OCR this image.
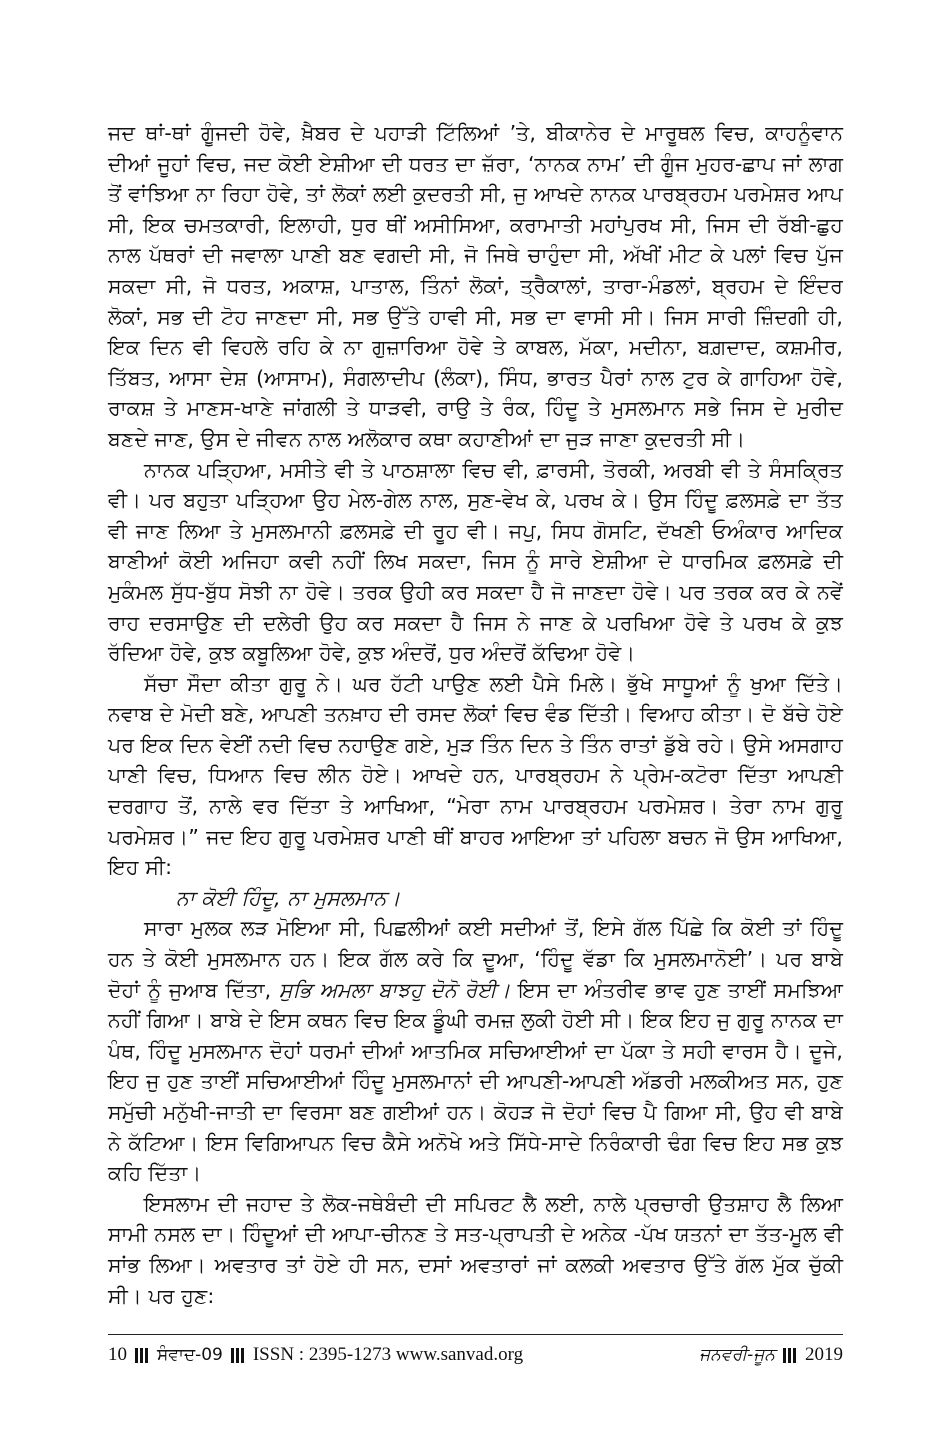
ਜਦ ਥਾਂ-ਥਾਂ ਗੂੰਜਦੀ ਹੋਵੇ, ਖ਼ੈਬਰ ਦੇ ਪਹਾੜੀ ਟਿੱਲਿਆਂ ’ਤੇ, ਬੀਕਾਨੇਰ ਦੇ ਮਾਰੂਥਲ ਵਿਚ, ਕਾਹਨੂੰਵਾਨ ਦੀਆਂ ਜੂਹਾਂ ਵਿਚ, ਜਦ ਕੋਈ ਏਸ਼ੀਆ ਦੀ ਧਰਤ ਦਾ ਜ਼ੱਰਾ, ‘ਨਾਨਕ ਨਾਮ’ ਦੀ ਗੂੰਜ ਮੁਹਰ-ਛਾਪ ਜਾਂ ਲਾਗ ਤੋਂ ਵਾਂਝਿਆ ਨਾ ਰਿਹਾ ਹੋਵੇ, ਤਾਂ ਲੋਕਾਂ ਲਈ ਕੁਦਰਤੀ ਸੀ, ਜੁ ਆਖਦੇ ਨਾਨਕ ਪਾਰਬ੍ਰਹਮ ਪਰਮੇਸ਼ਰ ਆਪ ਸੀ, ਇਕ ਚਮਤਕਾਰੀ, ਇਲਾਹੀ, ਧੁਰ ਥੀਂ ਅਸੀਸਿਆ, ਕਰਾਮਾਤੀ ਮਹਾਂਪੁਰਖ ਸੀ, ਜਿਸ ਦੀ ਰੱਬੀ-ਛੁਹ ਨਾਲ ਪੱਥਰਾਂ ਦੀ ਜਵਾਲਾ ਪਾਣੀ ਬਣ ਵਗਦੀ ਸੀ, ਜੋ ਜਿਥੇ ਚਾਹੁੰਦਾ ਸੀ, ਅੱਖੀਂ ਮੀਟ ਕੇ ਪਲਾਂ ਵਿਚ ਪੁੱਜ ਸਕਦਾ ਸੀ, ਜੋ ਧਰਤ, ਅਕਾਸ਼, ਪਾਤਾਲ, ਤਿੰਨਾਂ ਲੋਕਾਂ, ਤ੍ਰੈਕਾਲਾਂ, ਤਾਰਾ-ਮੰਡਲਾਂ, ਬ੍ਰਹਮ ਦੇ ਇੰਦਰ ਲੋਕਾਂ, ਸਭ ਦੀ ਟੋਹ ਜਾਣਦਾ ਸੀ, ਸਭ ਉੱਤੇ ਹਾਵੀ ਸੀ, ਸਭ ਦਾ ਵਾਸੀ ਸੀ। ਜਿਸ ਸਾਰੀ ਜ਼ਿੰਦਗੀ ਹੀ, ਇਕ ਦਿਨ ਵੀ ਵਿਹਲੇ ਰਹਿ ਕੇ ਨਾ ਗੁਜ਼ਾਰਿਆ ਹੋਵੇ ਤੇ ਕਾਬਲ, ਮੱਕਾ, ਮਦੀਨਾ, ਬਗ਼ਦਾਦ, ਕਸ਼ਮੀਰ, ਤਿੱਬਤ, ਆਸਾ ਦੇਸ਼ (ਆਸਾਮ), ਸੰਗਲਾਦੀਪ (ਲੰਕਾ), ਸਿੰਧ, ਭਾਰਤ ਪੈਰਾਂ ਨਾਲ ਟੁਰ ਕੇ ਗਾਹਿਆ ਹੋਵੇ, ਰਾਕਸ਼ ਤੇ ਮਾਣਸ-ਖਾਣੇ ਜਾਂਗਲੀ ਤੇ ਧਾੜਵੀ, ਰਾਉ ਤੇ ਰੰਕ, ਹਿੰਦੂ ਤੇ ਮੁਸਲਮਾਨ ਸਭੇ ਜਿਸ ਦੇ ਮੁਰੀਦ ਬਣਦੇ ਜਾਣ, ਉਸ ਦੇ ਜੀਵਨ ਨਾਲ ਅਲੋਕਾਰ ਕਥਾ ਕਹਾਣੀਆਂ ਦਾ ਜੁੜ ਜਾਣਾ ਕੁਦਰਤੀ ਸੀ।

ਨਾਨਕ ਪੜ੍ਹਿਆ, ਮਸੀਤੇ ਵੀ ਤੇ ਪਾਠਸ਼ਾਲਾ ਵਿਚ ਵੀ, ਫ਼ਾਰਸੀ, ਤੋਰਕੀ, ਅਰਬੀ ਵੀ ਤੇ ਸੰਸਕ੍ਰਿਤ ਵੀ। ਪਰ ਬਹੁਤਾ ਪੜ੍ਹਿਆ ਉਹ ਮੇਲ-ਗੇਲ ਨਾਲ, ਸੁਣ-ਵੇਖ ਕੇ, ਪਰਖ ਕੇ। ਉਸ ਹਿੰਦੂ ਫ਼ਲਸਫ਼ੇ ਦਾ ਤੱਤ ਵੀ ਜਾਣ ਲਿਆ ਤੇ ਮੁਸਲਮਾਨੀ ਫ਼ਲਸਫ਼ੇ ਦੀ ਰੂਹ ਵੀ। ਜਪੁ, ਸਿਧ ਗੋਸਟਿ, ਦੱਖਣੀ ਓਅੰਕਾਰ ਆਦਿਕ ਬਾਣੀਆਂ ਕੋਈ ਅਜਿਹਾ ਕਵੀ ਨਹੀਂ ਲਿਖ ਸਕਦਾ, ਜਿਸ ਨੂੰ ਸਾਰੇ ਏਸ਼ੀਆ ਦੇ ਧਾਰਮਿਕ ਫ਼ਲਸਫ਼ੇ ਦੀ ਮੁਕੰਮਲ ਸੁੱਧ-ਬੁੱਧ ਸੋਝੀ ਨਾ ਹੋਵੇ। ਤਰਕ ਉਹੀ ਕਰ ਸਕਦਾ ਹੈ ਜੋ ਜਾਣਦਾ ਹੋਵੇ। ਪਰ ਤਰਕ ਕਰ ਕੇ ਨਵੇਂ ਰਾਹ ਦਰਸਾਉਣ ਦੀ ਦਲੇਰੀ ਉਹ ਕਰ ਸਕਦਾ ਹੈ ਜਿਸ ਨੇ ਜਾਣ ਕੇ ਪਰਖਿਆ ਹੋਵੇ ਤੇ ਪਰਖ ਕੇ ਕੁਝ ਰੱਦਿਆ ਹੋਵੇ, ਕੁਝ ਕਬੂਲਿਆ ਹੋਵੇ, ਕੁਝ ਅੰਦਰੋਂ, ਧੁਰ ਅੰਦਰੋਂ ਕੱਢਿਆ ਹੋਵੇ।

ਸੱਚਾ ਸੌਦਾ ਕੀਤਾ ਗੁਰੂ ਨੇ। ਘਰ ਹੱਟੀ ਪਾਉਣ ਲਈ ਪੈਸੇ ਮਿਲੇ। ਭੁੱਖੇ ਸਾਧੂਆਂ ਨੂੰ ਖੁਆ ਦਿੱਤੇ। ਨਵਾਬ ਦੇ ਮੋਦੀ ਬਣੇ, ਆਪਣੀ ਤਨਖ਼ਾਹ ਦੀ ਰਸਦ ਲੋਕਾਂ ਵਿਚ ਵੰਡ ਦਿੱਤੀ। ਵਿਆਹ ਕੀਤਾ। ਦੋ ਬੱਚੇ ਹੋਏ ਪਰ ਇਕ ਦਿਨ ਵੇਈਂ ਨਦੀ ਵਿਚ ਨਹਾਉਣ ਗਏ, ਮੁੜ ਤਿੰਨ ਦਿਨ ਤੇ ਤਿੰਨ ਰਾਤਾਂ ਡੁੱਬੇ ਰਹੇ। ਉਸੇ ਅਸਗਾਹ ਪਾਣੀ ਵਿਚ, ਧਿਆਨ ਵਿਚ ਲੀਨ ਹੋਏ। ਆਖਦੇ ਹਨ, ਪਾਰਬ੍ਰਹਮ ਨੇ ਪ੍ਰੇਮ-ਕਟੋਰਾ ਦਿੱਤਾ ਆਪਣੀ ਦਰਗਾਹ ਤੋਂ, ਨਾਲੇ ਵਰ ਦਿੱਤਾ ਤੇ ਆਖਿਆ, “ਮੇਰਾ ਨਾਮ ਪਾਰਬ੍ਰਹਮ ਪਰਮੇਸ਼ਰ। ਤੇਰਾ ਨਾਮ ਗੁਰੂ ਪਰਮੇਸ਼ਰ।” ਜਦ ਇਹ ਗੁਰੂ ਪਰਮੇਸ਼ਰ ਪਾਣੀ ਥੀਂ ਬਾਹਰ ਆਇਆ ਤਾਂ ਪਹਿਲਾ ਬਚਨ ਜੋ ਉਸ ਆਖਿਆ, ਇਹ ਸੀ:

ਨਾ ਕੋਈ ਹਿੰਦੂ, ਨਾ ਮੁਸਲਮਾਨ।

ਸਾਰਾ ਮੁਲਕ ਲੜ ਮੋਇਆ ਸੀ, ਪਿਛਲੀਆਂ ਕਈ ਸਦੀਆਂ ਤੋਂ, ਇਸੇ ਗੱਲ ਪਿੱਛੇ ਕਿ ਕੋਈ ਤਾਂ ਹਿੰਦੂ ਹਨ ਤੇ ਕੋਈ ਮੁਸਲਮਾਨ ਹਨ। ਇਕ ਗੱਲ ਕਰੇ ਕਿ ਦੂਆ, ‘ਹਿੰਦੂ ਵੱਡਾ ਕਿ ਮੁਸਲਮਾਨੋਈ’। ਪਰ ਬਾਬੇ ਦੋਹਾਂ ਨੂੰ ਜੁਆਬ ਦਿੱਤਾ, ਸੁਭਿ ਅਮਲਾ ਬਾਝਹੁ ਦੋਨੋ ਰੋਈ। ਇਸ ਦਾ ਅੰਤਰੀਵ ਭਾਵ ਹੁਣ ਤਾਈਂ ਸਮਝਿਆ ਨਹੀਂ ਗਿਆ। ਬਾਬੇ ਦੇ ਇਸ ਕਥਨ ਵਿਚ ਇਕ ਡੂੰਘੀ ਰਮਜ਼ ਲੁਕੀ ਹੋਈ ਸੀ। ਇਕ ਇਹ ਜੁ ਗੁਰੂ ਨਾਨਕ ਦਾ ਪੰਥ, ਹਿੰਦੂ ਮੁਸਲਮਾਨ ਦੋਹਾਂ ਧਰਮਾਂ ਦੀਆਂ ਆਤਮਿਕ ਸਚਿਆਈਆਂ ਦਾ ਪੱਕਾ ਤੇ ਸਹੀ ਵਾਰਸ ਹੈ। ਦੂਜੇ, ਇਹ ਜੁ ਹੁਣ ਤਾਈਂ ਸਚਿਆਈਆਂ ਹਿੰਦੂ ਮੁਸਲਮਾਨਾਂ ਦੀ ਆਪਣੀ-ਆਪਣੀ ਅੱਡਰੀ ਮਲਕੀਅਤ ਸਨ, ਹੁਣ ਸਮੁੱਚੀ ਮਨੁੱਖੀ-ਜਾਤੀ ਦਾ ਵਿਰਸਾ ਬਣ ਗਈਆਂ ਹਨ। ਕੋਹੜ ਜੋ ਦੋਹਾਂ ਵਿਚ ਪੈ ਗਿਆ ਸੀ, ਉਹ ਵੀ ਬਾਬੇ ਨੇ ਕੱਟਿਆ। ਇਸ ਵਿਗਿਆਪਨ ਵਿਚ ਕੈਸੇ ਅਨੋਖੇ ਅਤੇ ਸਿੱਧੇ-ਸਾਦੇ ਨਿਰੰਕਾਰੀ ਢੰਗ ਵਿਚ ਇਹ ਸਭ ਕੁਝ ਕਹਿ ਦਿੱਤਾ।

ਇਸਲਾਮ ਦੀ ਜਹਾਦ ਤੇ ਲੋਕ-ਜਥੇਬੰਦੀ ਦੀ ਸਪਿਰਟ ਲੈ ਲਈ, ਨਾਲੇ ਪ੍ਰਚਾਰੀ ਉਤਸ਼ਾਹ ਲੈ ਲਿਆ ਸਾਮੀ ਨਸਲ ਦਾ। ਹਿੰਦੂਆਂ ਦੀ ਆਪਾ-ਚੀਨਣ ਤੇ ਸਤ-ਪ੍ਰਾਪਤੀ ਦੇ ਅਨੇਕ -ਪੱਖ ਯਤਨਾਂ ਦਾ ਤੱਤ-ਮੂਲ ਵੀ ਸਾਂਭ ਲਿਆ। ਅਵਤਾਰ ਤਾਂ ਹੋਏ ਹੀ ਸਨ, ਦਸਾਂ ਅਵਤਾਰਾਂ ਜਾਂ ਕਲਕੀ ਅਵਤਾਰ ਉੱਤੇ ਗੱਲ ਮੁੱਕ ਚੁੱਕੀ ਸੀ। ਪਰ ਹੁਣ:

10 ਸੰਵਾਦ-09 ISSN : 2395-1273 www.sanvad.org	ਜਨਵਰੀ-ਜੂਨ 2019
